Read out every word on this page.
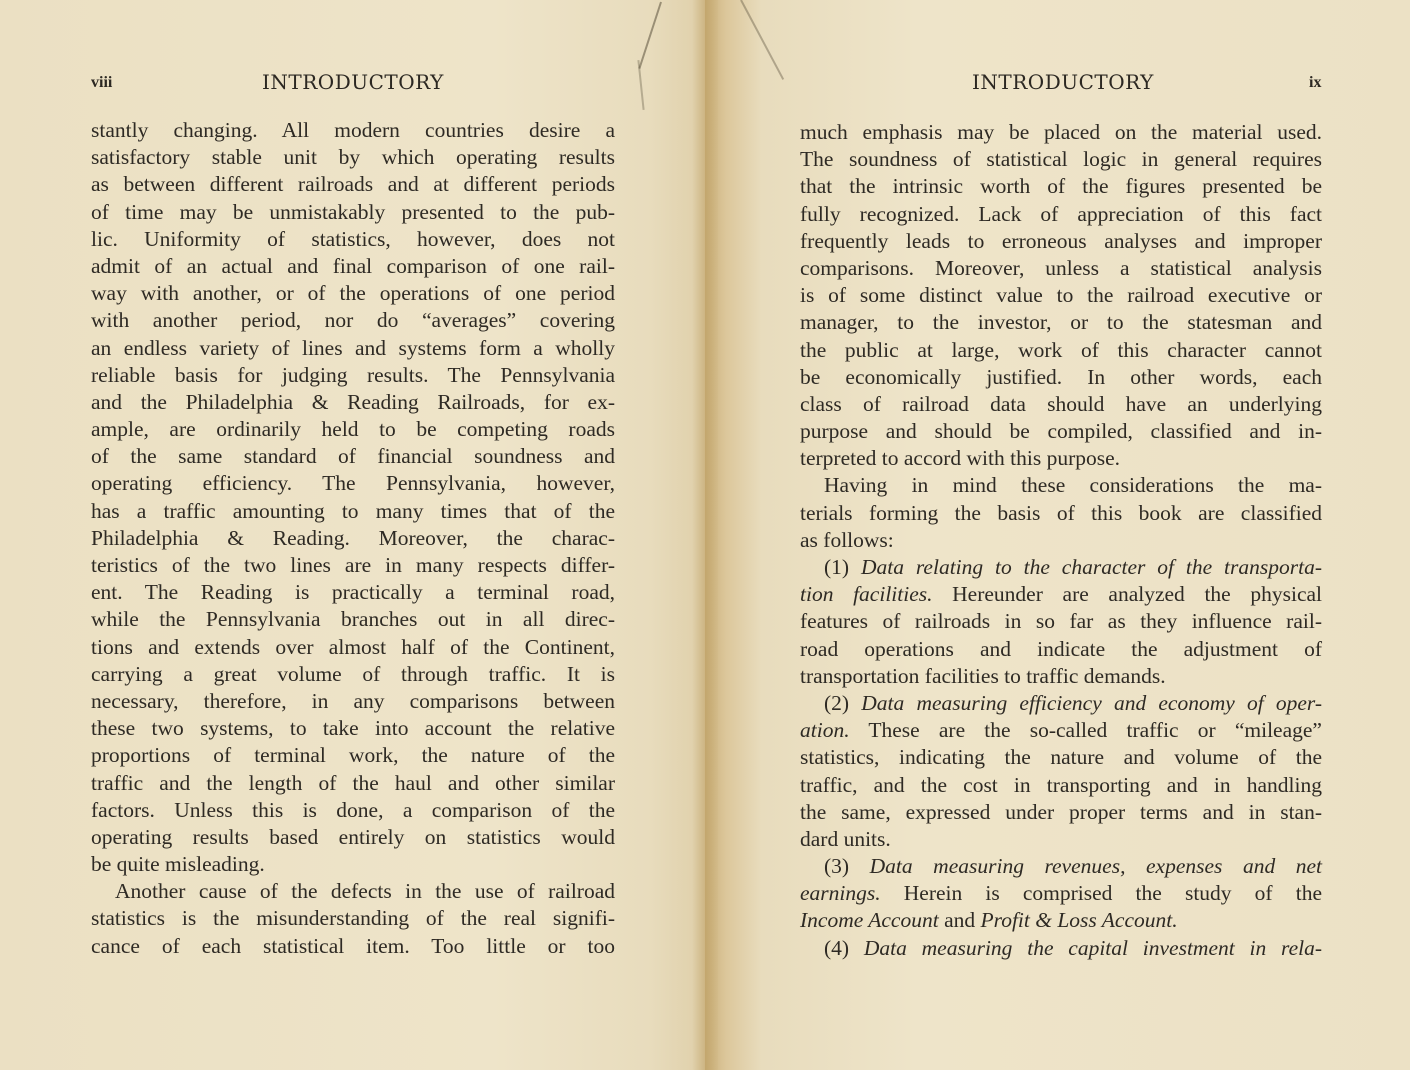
viii	INTRODUCTORY
stantly changing. All modern countries desire a
satisfactory stable unit by which operating results
as between different railroads and at different periods
of time may be unmistakably presented to the pub-
lic. Uniformity of statistics, however, does not
admit of an actual and final comparison of one rail-
way with another, or of the operations of one period
with another period, nor do “averages” covering
an endless variety of lines and systems form a wholly
reliable basis for judging results. The Pennsylvania
and the Philadelphia & Reading Railroads, for ex-
ample, are ordinarily held to be competing roads
of the same standard of financial soundness and
operating efficiency. The Pennsylvania, however,
has a traffic amounting to many times that of the
Philadelphia & Reading. Moreover, the charac-
teristics of the two lines are in many respects differ-
ent. The Reading is practically a terminal road,
while the Pennsylvania branches out in all direc-
tions and extends over almost half of the Continent,
carrying a great volume of through traffic. It is
necessary, therefore, in any comparisons between
these two systems, to take into account the relative
proportions of terminal work, the nature of the
traffic and the length of the haul and other similar
factors. Unless this is done, a comparison of the
operating results based entirely on statistics would
be quite misleading.
Another cause of the defects in the use of railroad
statistics is the misunderstanding of the real signifi-
cance of each statistical item. Too little or too
INTRODUCTORY	ix
much emphasis may be placed on the material used.
The soundness of statistical logic in general requires
that the intrinsic worth of the figures presented be
fully recognized. Lack of appreciation of this fact
frequently leads to erroneous analyses and improper
comparisons. Moreover, unless a statistical analysis
is of some distinct value to the railroad executive or
manager, to the investor, or to the statesman and
the public at large, work of this character cannot
be economically justified. In other words, each
class of railroad data should have an underlying
purpose and should be compiled, classified and in-
terpreted to accord with this purpose.
Having in mind these considerations the ma-
terials forming the basis of this book are classified
as follows:
(1) Data relating to the character of the transporta-
tion facilities. Hereunder are analyzed the physical
features of railroads in so far as they influence rail-
road operations and indicate the adjustment of
transportation facilities to traffic demands.
(2) Data measuring efficiency and economy of oper-
ation. These are the so-called traffic or “mileage”
statistics, indicating the nature and volume of the
traffic, and the cost in transporting and in handling
the same, expressed under proper terms and in stan-
dard units.
(3) Data measuring revenues, expenses and net
earnings. Herein is comprised the study of the
Income Account and Profit & Loss Account.
(4) Data measuring the capital investment in rela-
